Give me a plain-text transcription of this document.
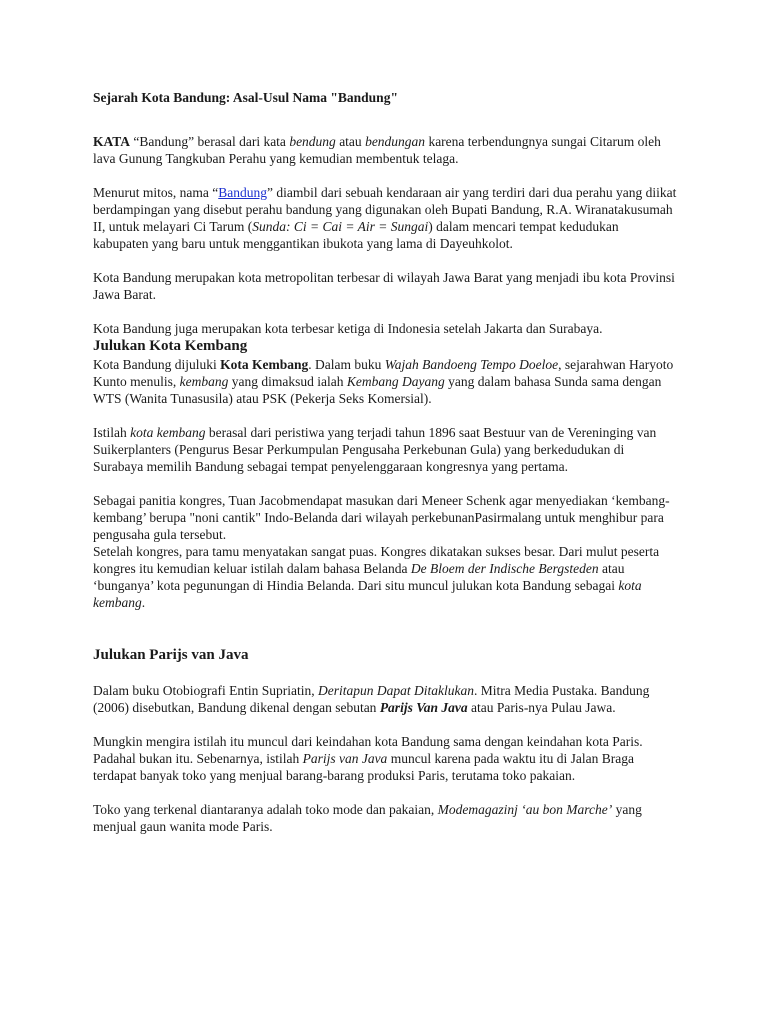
Sejarah Kota Bandung: Asal-Usul Nama "Bandung"

KATA “Bandung” berasal dari kata bendung atau bendungan karena terbendungnya sungai Citarum oleh lava Gunung Tangkuban Perahu yang kemudian membentuk telaga.

Menurut mitos, nama “Bandung” diambil dari sebuah kendaraan air yang terdiri dari dua perahu yang diikat berdampingan yang disebut perahu bandung yang digunakan oleh Bupati Bandung, R.A. Wiranatakusumah II, untuk melayari Ci Tarum (Sunda: Ci = Cai = Air = Sungai) dalam mencari tempat kedudukan kabupaten yang baru untuk menggantikan ibukota yang lama di Dayeuhkolot.

Kota Bandung merupakan kota metropolitan terbesar di wilayah Jawa Barat yang menjadi ibu kota Provinsi Jawa Barat.

Kota Bandung juga merupakan kota terbesar ketiga di Indonesia setelah Jakarta dan Surabaya.

Julukan Kota Kembang

Kota Bandung dijuluki Kota Kembang. Dalam buku Wajah Bandoeng Tempo Doeloe, sejarahwan Haryoto Kunto menulis, kembang yang dimaksud ialah Kembang Dayang yang dalam bahasa Sunda sama dengan WTS (Wanita Tunasusila) atau PSK (Pekerja Seks Komersial).

Istilah kota kembang berasal dari peristiwa yang terjadi tahun 1896 saat Bestuur van de Vereninging van Suikerplanters (Pengurus Besar Perkumpulan Pengusaha Perkebunan Gula) yang berkedudukan di Surabaya memilih Bandung sebagai tempat penyelenggaraan kongresnya yang pertama.

Sebagai panitia kongres, Tuan Jacobmendapat masukan dari Meneer Schenk agar menyediakan ‘kembang-kembang’ berupa "noni cantik" Indo-Belanda dari wilayah perkebunanPasirmalang untuk menghibur para pengusaha gula tersebut.

Setelah kongres, para tamu menyatakan sangat puas. Kongres dikatakan sukses besar. Dari mulut peserta kongres itu kemudian keluar istilah dalam bahasa Belanda De Bloem der Indische Bergsteden atau ‘bunganya’ kota pegunungan di Hindia Belanda. Dari situ muncul julukan kota Bandung sebagai kota kembang.

Julukan Parijs van Java

Dalam buku Otobiografi Entin Supriatin, Deritapun Dapat Ditaklukan. Mitra Media Pustaka. Bandung (2006) disebutkan, Bandung dikenal dengan sebutan Parijs Van Java atau Paris-nya Pulau Jawa.

Mungkin mengira istilah itu muncul dari keindahan kota Bandung sama dengan keindahan kota Paris. Padahal bukan itu. Sebenarnya, istilah Parijs van Java muncul karena pada waktu itu di Jalan Braga terdapat banyak toko yang menjual barang-barang produksi Paris, terutama toko pakaian.

Toko yang terkenal diantaranya adalah toko mode dan pakaian, Modemagazinj ‘au bon Marche’ yang menjual gaun wanita mode Paris.
